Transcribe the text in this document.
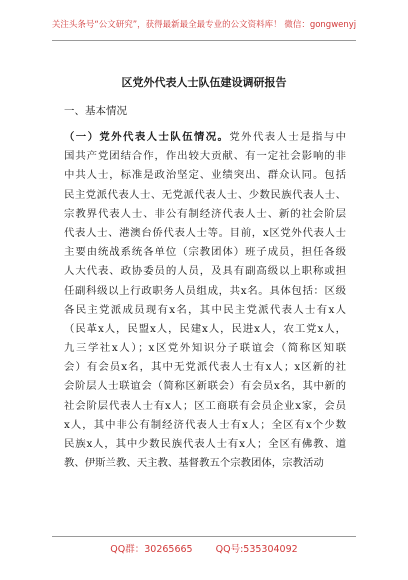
关注头条号“公文研究”，获得最新最全最专业的公文资料库！ 微信：gongwenyj
区党外代表人士队伍建设调研报告
一、基本情况
（一）党外代表人士队伍情况。党外代表人士是指与中
国共产党团结合作，作出较大贡献、有一定社会影响的非
中共人士，标准是政治坚定、业绩突出、群众认同。包括
民主党派代表人士、无党派代表人士、少数民族代表人士、
宗教界代表人士、非公有制经济代表人士、新的社会阶层
代表人士、港澳台侨代表人士等。目前，x区党外代表人士
主要由统战系统各单位（宗教团体）班子成员，担任各级
人大代表、政协委员的人员，及具有副高级以上职称或担
任副科级以上行政职务人员组成，共x名。具体包括：区级
各民主党派成员现有x名，其中民主党派代表人士有x人
（民革x人，民盟x人，民建x人，民进x人，农工党x人，
九三学社x人）；x区党外知识分子联谊会（简称区知联
会）有会员x名，其中无党派代表人士有x人；x区新的社
会阶层人士联谊会（简称区新联会）有会员x名，其中新的
社会阶层代表人士有x人；区工商联有会员企业x家，会员
x人，其中非公有制经济代表人士有x人；全区有x个少数
民族x人，其中少数民族代表人士有x人；全区有佛教、道
教、伊斯兰教、天主教、基督教五个宗教团体，宗教活动
QQ群：30265665 QQ号:535304092
